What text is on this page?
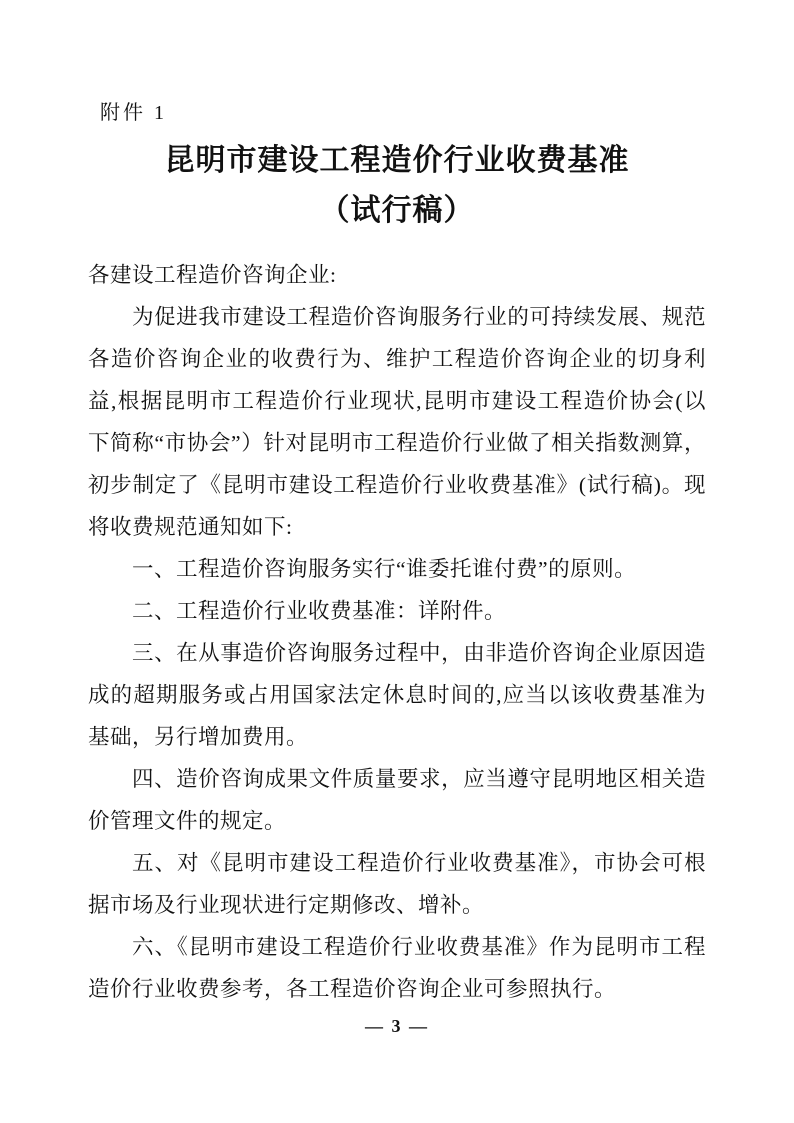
附件 1
昆明市建设工程造价行业收费基准
（试行稿）
各建设工程造价咨询企业:
为促进我市建设工程造价咨询服务行业的可持续发展、规范
各造价咨询企业的收费行为、维护工程造价咨询企业的切身利
益,根据昆明市工程造价行业现状,昆明市建设工程造价协会(以
下简称“市协会”）针对昆明市工程造价行业做了相关指数测算，
初步制定了《昆明市建设工程造价行业收费基准》(试行稿)。现
将收费规范通知如下:
一、工程造价咨询服务实行“谁委托谁付费”的原则。
二、工程造价行业收费基准：详附件。
三、在从事造价咨询服务过程中，由非造价咨询企业原因造
成的超期服务或占用国家法定休息时间的,应当以该收费基准为
基础，另行增加费用。
四、造价咨询成果文件质量要求，应当遵守昆明地区相关造
价管理文件的规定。
五、对《昆明市建设工程造价行业收费基准》，市协会可根
据市场及行业现状进行定期修改、增补。
六、《昆明市建设工程造价行业收费基准》作为昆明市工程
造价行业收费参考，各工程造价咨询企业可参照执行。
— 3 —
